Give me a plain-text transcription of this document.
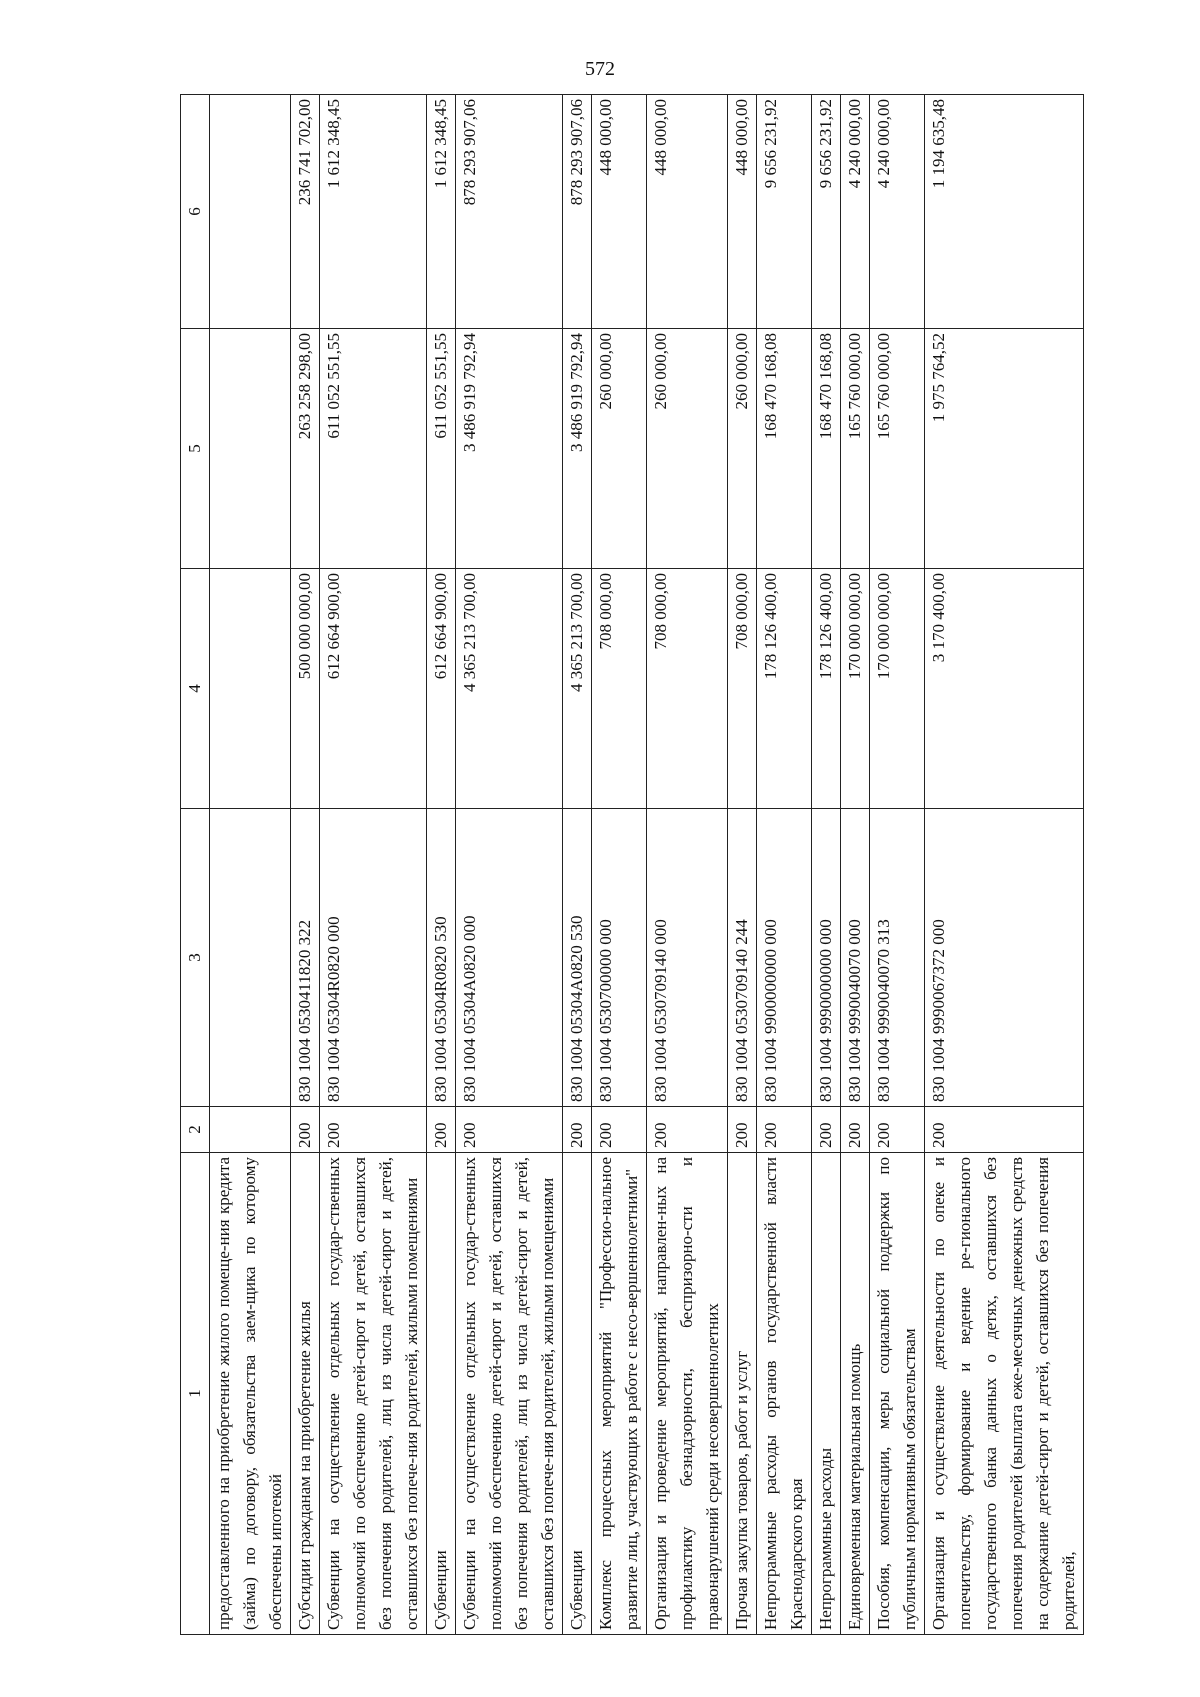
572
1	2	3	4	5	6
предоставленного на приобретение жилого помеще-ния кредита (займа) по договору, обязательства заем-щика по которому обеспечены ипотекой					
Субсидии гражданам на приобретение жилья	200	830 1004 0530411820 322	500 000 000,00	263 258 298,00	236 741 702,00
Субвенции на осуществление отдельных государ-ственных полномочий по обеспечению детей-сирот и детей, оставшихся без попечения родителей, лиц из числа детей-сирот и детей, оставшихся без попече-ния родителей, жилыми помещениями	200	830 1004 05304R0820 000	612 664 900,00	611 052 551,55	1 612 348,45
Субвенции	200	830 1004 05304R0820 530	612 664 900,00	611 052 551,55	1 612 348,45
Субвенции на осуществление отдельных государ-ственных полномочий по обеспечению детей-сирот и детей, оставшихся без попечения родителей, лиц из числа детей-сирот и детей, оставшихся без попече-ния родителей, жилыми помещениями	200	830 1004 05304A0820 000	4 365 213 700,00	3 486 919 792,94	878 293 907,06
Субвенции	200	830 1004 05304A0820 530	4 365 213 700,00	3 486 919 792,94	878 293 907,06
Комплекс процессных мероприятий "Профессио-нальное развитие лиц, участвующих в работе с несо-вершеннолетними"	200	830 1004 0530700000 000	708 000,00	260 000,00	448 000,00
Организация и проведение мероприятий, направлен-ных на профилактику безнадзорности, беспризорно-сти и правонарушений среди несовершеннолетних	200	830 1004 0530709140 000	708 000,00	260 000,00	448 000,00
Прочая закупка товаров, работ и услуг	200	830 1004 0530709140 244	708 000,00	260 000,00	448 000,00
Непрограммные расходы органов государственной власти Краснодарского края	200	830 1004 9900000000 000	178 126 400,00	168 470 168,08	9 656 231,92
Непрограммные расходы	200	830 1004 9990000000 000	178 126 400,00	168 470 168,08	9 656 231,92
Единовременная материальная помощь	200	830 1004 9990040070 000	170 000 000,00	165 760 000,00	4 240 000,00
Пособия, компенсации, меры социальной поддержки по публичным нормативным обязательствам	200	830 1004 9990040070 313	170 000 000,00	165 760 000,00	4 240 000,00
Организация и осуществление деятельности по опеке и попечительству, формирование и ведение ре-гионального государственного банка данных о детях, оставшихся без попечения родителей (выплата еже-месячных денежных средств на содержание детей-сирот и детей, оставшихся без попечения родителей,	200	830 1004 9990067372 000	3 170 400,00	1 975 764,52	1 194 635,48
